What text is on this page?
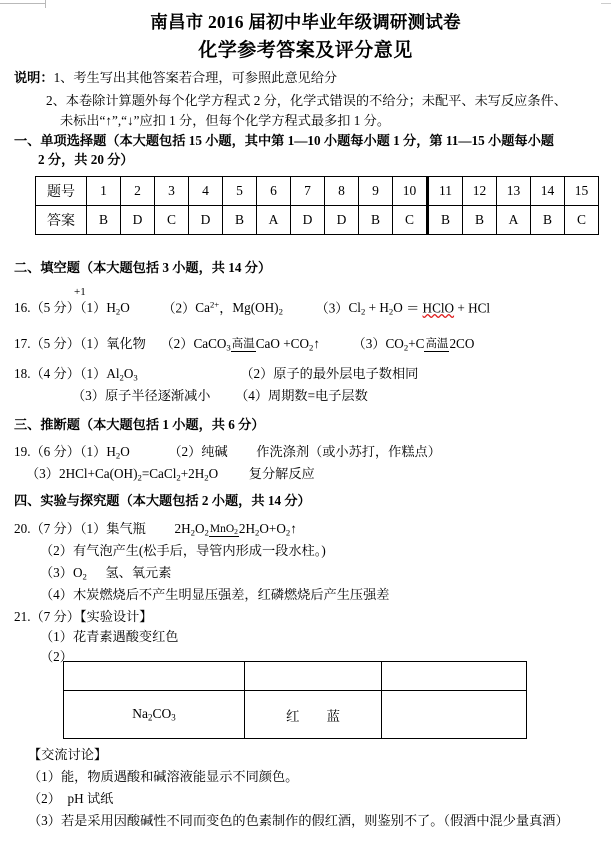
南昌市 2016 届初中毕业年级调研测试卷
化学参考答案及评分意见
说明： 1、考生写出其他答案若合理，可参照此意见给分
2、本卷除计算题外每个化学方程式 2 分，化学式错误的不给分；未配平、未写反应条件、
未标出“↑”,“↓”应扣 1 分，但每个化学方程式最多扣 1 分。
一、单项选择题（本大题包括 15 小题，其中第 1—10 小题每小题 1 分，第 11—15 小题每小题
2 分，共 20 分）
题号	1	2	3	4	5	6	7	8	9	10	11	12	13	14	15
答案	B	D	C	D	B	A	D	D	B	C	B	B	A	B	C
二、填空题（本大题包括 3 小题，共 14 分）
+1
16.（5 分）$(1)H_2O$ $(2)Ca^{2+}$，$Mg(OH)_2$ $(3)Cl_2 + H_2O$ ＝ HClO + HCl
17.（5 分）（1）氧化物 （2）CaCO$_3$高温CaO $+CO_2↑$ $(3)CO_2+C$高温2CO
18.（4 分）$(1)Al_2O_3$	（2）原子的最外层电子数相同
（3）原子半径逐渐减小 （4）周期数=电子层数
三、推断题（本大题包括 1 小题，共 6 分）
19.（6 分）$(1)H_2O$	（2）纯碱 作洗涤剂（或小苏打，作糕点）
$(3)2HCl+Ca(OH)_2=CaCl_2+2H_2O$ 复分解反应
四、实验与探究题（本大题包括 2 小题，共 14 分）
20.（7 分）（1）集气瓶 $2H_2O_2MnO_22H_2O+O_2↑$
（2）有气泡产生(松手后，导管内形成一段水柱。)
$(3)O_2$ 氢、氧元素
（4）木炭燃烧后不产生明显压强差，红磷燃烧后产生压强差
21.（7 分）【实验设计】
（1）花青素遇酸变红色
（2）

$Na_2CO_3$	红　　蓝	
【交流讨论】
（1）能，物质遇酸和碱溶液能显示不同颜色。
（2）　pH 试纸
（3）若是采用因酸碱性不同而变色的色素制作的假红酒，则鉴别不了。（假酒中混少量真酒）
